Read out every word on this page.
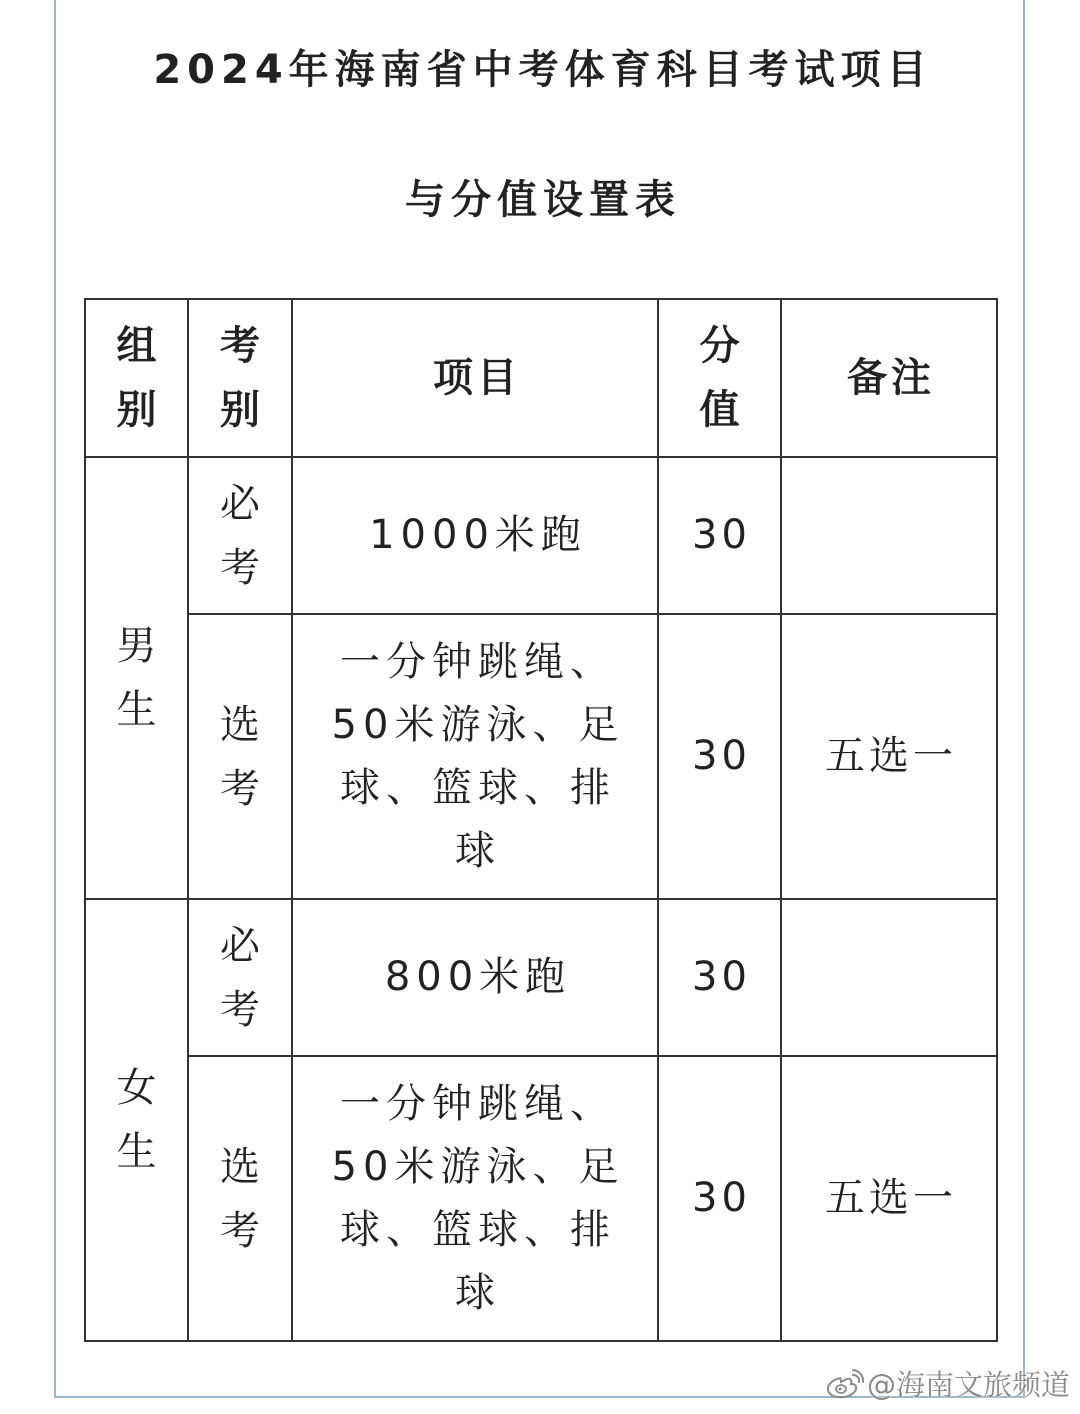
2024年海南省中考体育科目考试项目
与分值设置表
组别	考别	项目	分值	备注
男生	必考	1000米跑	30	
	选考	一分钟跳绳、
50米游泳、足
球、篮球、排
球	30	五选一
女生	必考	800米跑	30	
	选考	一分钟跳绳、
50米游泳、足
球、篮球、排
球	30	五选一
@海南文旅频道
